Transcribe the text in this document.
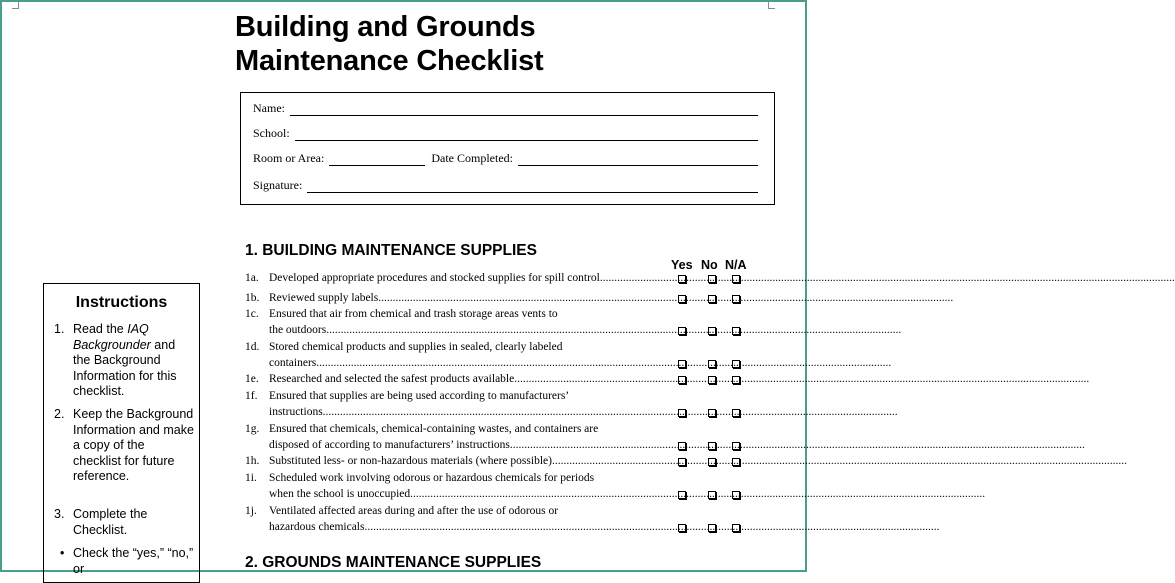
Building and Grounds
Maintenance Checklist
Name:
School:
Room or Area:	Date Completed:
Signature:
1. BUILDING MAINTENANCE SUPPLIES
Yes No N/A
1a. Developed appropriate procedures and stocked supplies for spill control........................................................................................................................................................................................................
1b. Reviewed supply labels........................................................................................................................................................................................................
1c. Ensured that air from chemical and trash storage areas vents to
the outdoors........................................................................................................................................................................................................
1d. Stored chemical products and supplies in sealed, clearly labeled
containers........................................................................................................................................................................................................
1e. Researched and selected the safest products available........................................................................................................................................................................................................
1f. Ensured that supplies are being used according to manufacturers’
instructions........................................................................................................................................................................................................
1g. Ensured that chemicals, chemical-containing wastes, and containers are
disposed of according to manufacturers’ instructions........................................................................................................................................................................................................
1h. Substituted less- or non-hazardous materials (where possible)........................................................................................................................................................................................................
1i. Scheduled work involving odorous or hazardous chemicals for periods
when the school is unoccupied........................................................................................................................................................................................................
1j. Ventilated affected areas during and after the use of odorous or
hazardous chemicals........................................................................................................................................................................................................
2. GROUNDS MAINTENANCE SUPPLIES
Instructions
1. Read the IAQ Backgrounder and the Background Information for this checklist.
2. Keep the Background Information and make a copy of the checklist for future reference.
3. Complete the Checklist.
• Check the “yes,” “no,” or
